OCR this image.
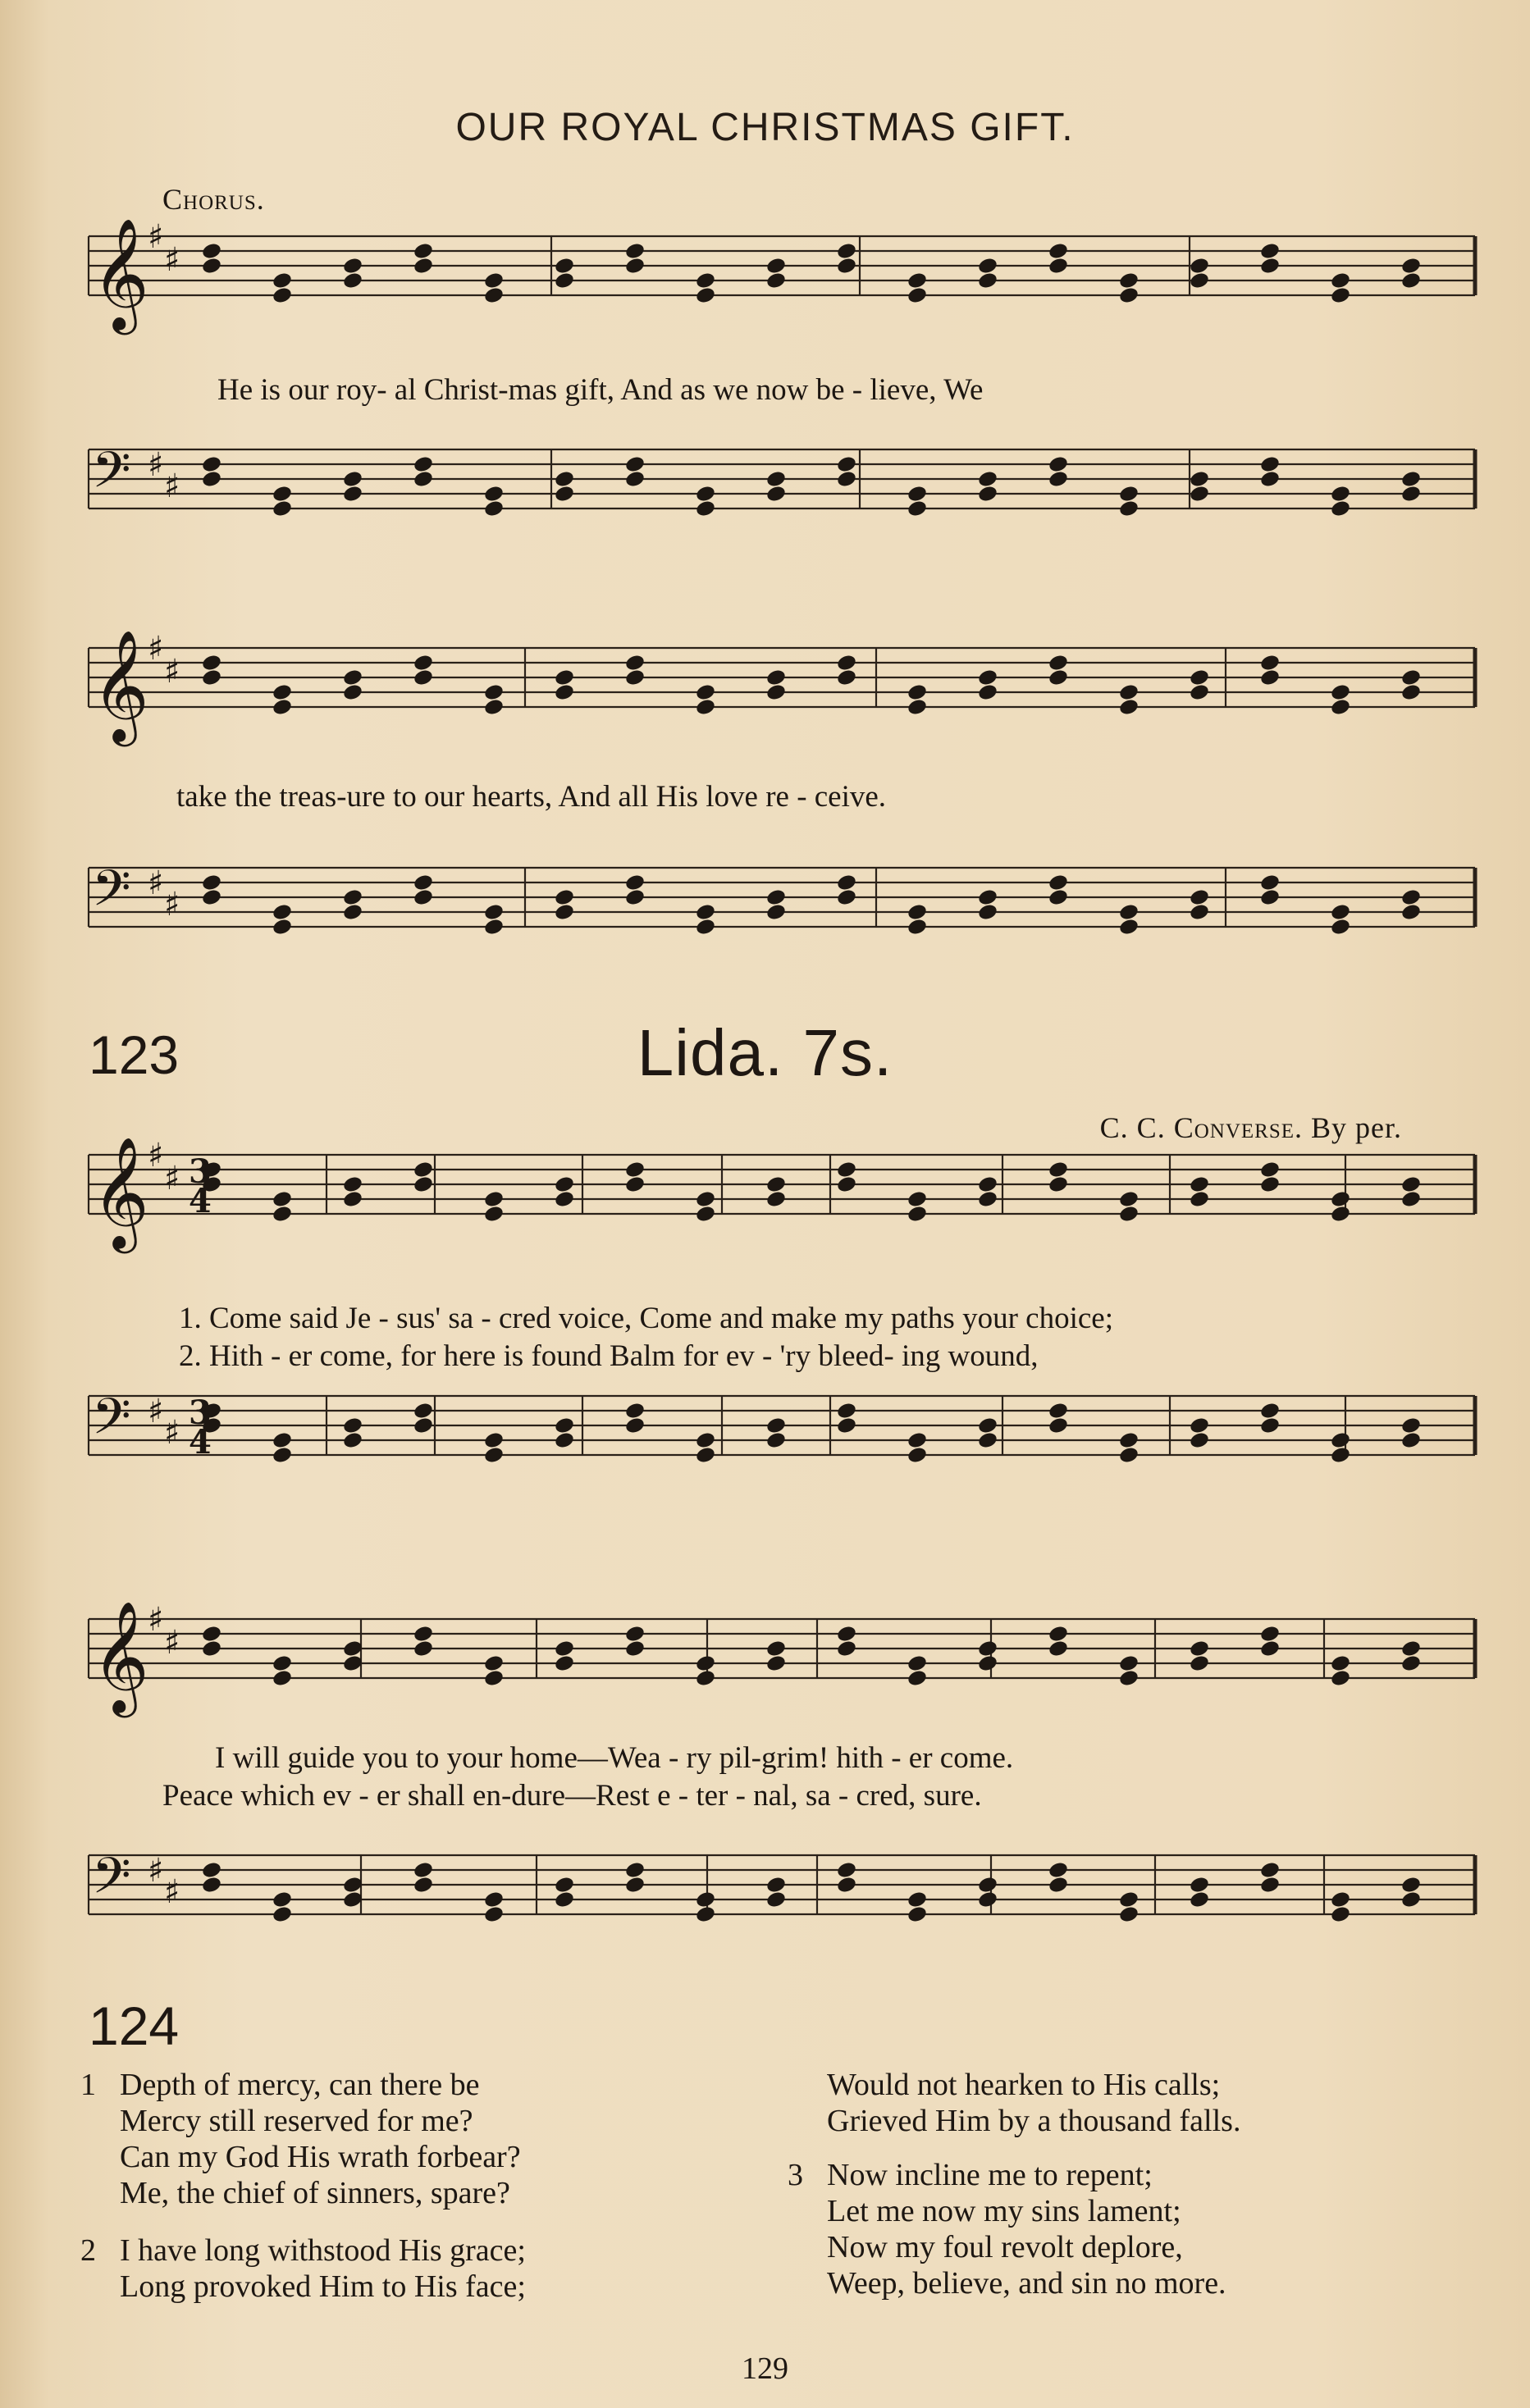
OUR ROYAL CHRISTMAS GIFT.
Chorus.
𝄞
♯
♯
𝄢 ♯
♯
𝄞
♯
♯
𝄢 ♯
♯
𝄞
♯
♯ 3
4
𝄢 ♯
♯
3
4
𝄞
♯
♯
𝄢 ♯
♯
He is our roy- al Christ-mas gift, And as we now be - lieve, We
take the treas-ure to our hearts, And all His love re - ceive.
123	Lida. 7s.
C. C. Converse. By per.
1. Come said Je - sus' sa - cred voice, Come and make my paths your choice;
2. Hith - er come, for here is found Balm for ev - 'ry bleed- ing wound,
I will guide you to your home—Wea - ry pil-grim! hith - er come.
Peace which ev - er shall en-dure—Rest e - ter - nal, sa - cred, sure.
124
1 Depth of mercy, can there be
Mercy still reserved for me?
Can my God His wrath forbear?
Me, the chief of sinners, spare?
2 I have long withstood His grace;
Long provoked Him to His face;
Would not hearken to His calls;
Grieved Him by a thousand falls.
3 Now incline me to repent;
Let me now my sins lament;
Now my foul revolt deplore,
Weep, believe, and sin no more.
129
